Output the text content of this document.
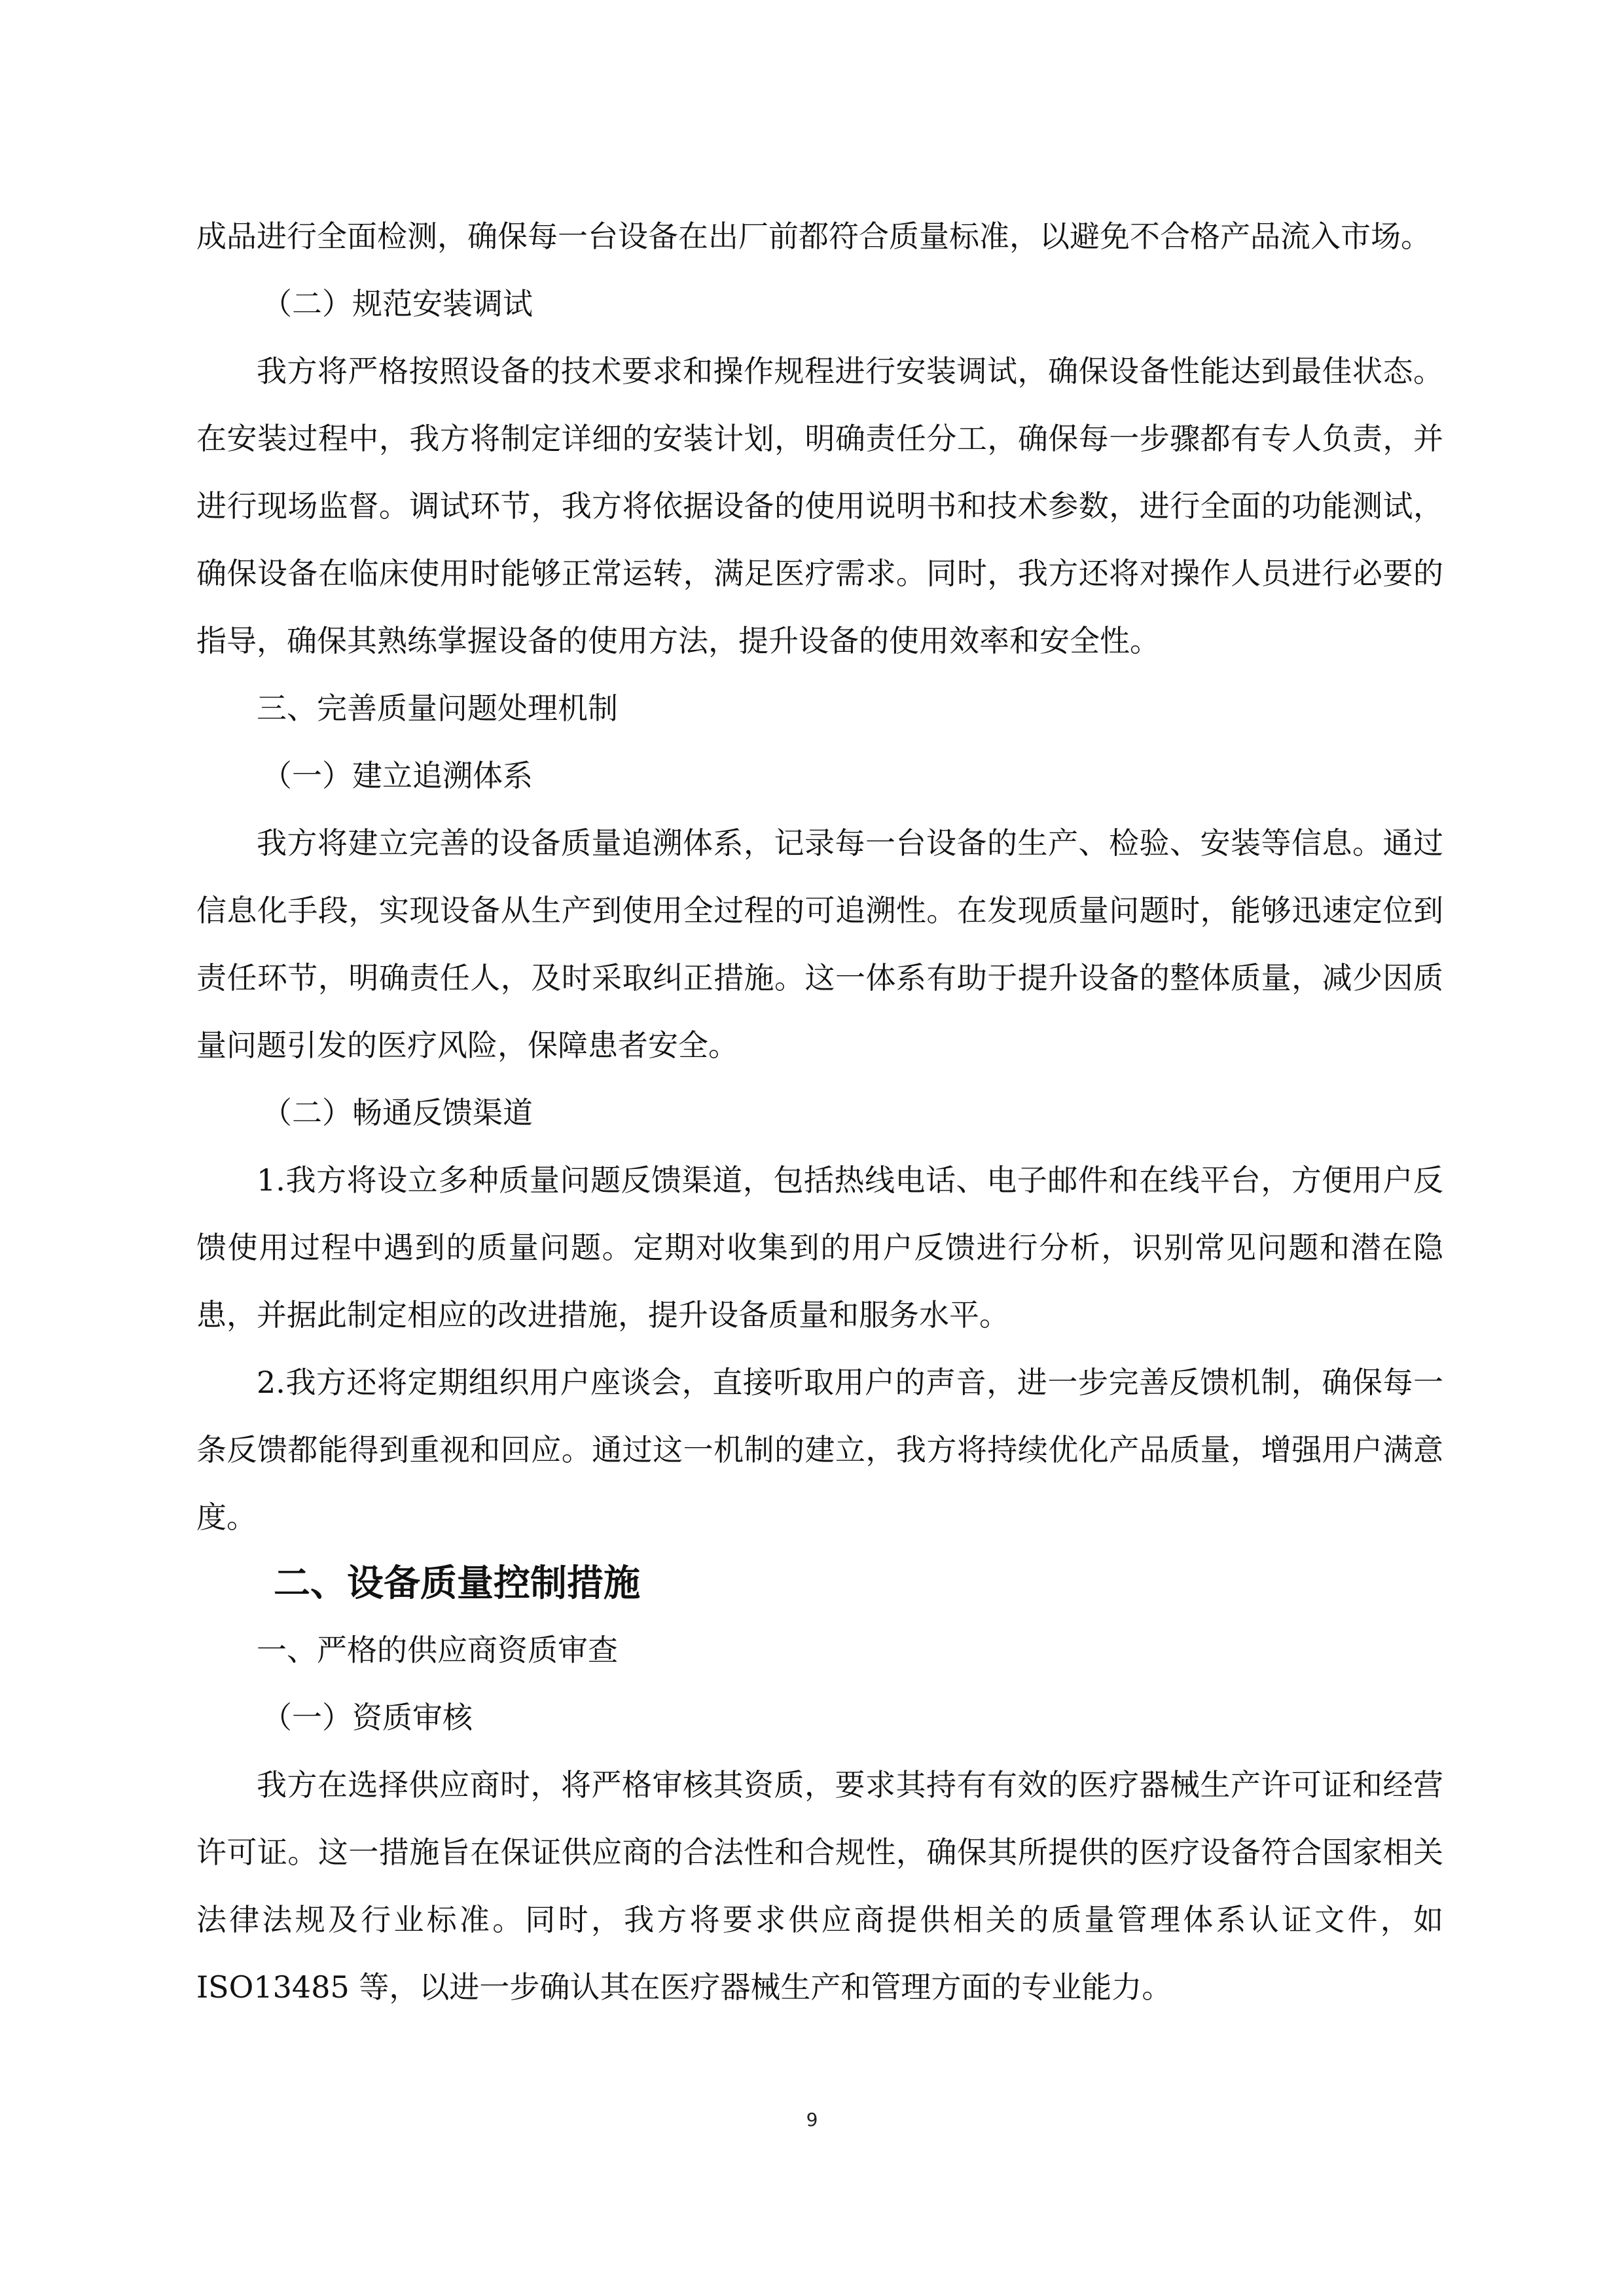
成品进行全面检测，确保每一台设备在出厂前都符合质量标准，以避免不合格产品流入市场。

（二）规范安装调试

我方将严格按照设备的技术要求和操作规程进行安装调试，确保设备性能达到最佳状态。在安装过程中，我方将制定详细的安装计划，明确责任分工，确保每一步骤都有专人负责，并进行现场监督。调试环节，我方将依据设备的使用说明书和技术参数，进行全面的功能测试，确保设备在临床使用时能够正常运转，满足医疗需求。同时，我方还将对操作人员进行必要的指导，确保其熟练掌握设备的使用方法，提升设备的使用效率和安全性。

三、完善质量问题处理机制

（一）建立追溯体系

我方将建立完善的设备质量追溯体系，记录每一台设备的生产、检验、安装等信息。通过信息化手段，实现设备从生产到使用全过程的可追溯性。在发现质量问题时，能够迅速定位到责任环节，明确责任人，及时采取纠正措施。这一体系有助于提升设备的整体质量，减少因质量问题引发的医疗风险，保障患者安全。

（二）畅通反馈渠道

1.我方将设立多种质量问题反馈渠道，包括热线电话、电子邮件和在线平台，方便用户反馈使用过程中遇到的质量问题。定期对收集到的用户反馈进行分析，识别常见问题和潜在隐患，并据此制定相应的改进措施，提升设备质量和服务水平。

2.我方还将定期组织用户座谈会，直接听取用户的声音，进一步完善反馈机制，确保每一条反馈都能得到重视和回应。通过这一机制的建立，我方将持续优化产品质量，增强用户满意度。

二、设备质量控制措施

一、严格的供应商资质审查

（一）资质审核

我方在选择供应商时，将严格审核其资质，要求其持有有效的医疗器械生产许可证和经营许可证。这一措施旨在保证供应商的合法性和合规性，确保其所提供的医疗设备符合国家相关法律法规及行业标准。同时，我方将要求供应商提供相关的质量管理体系认证文件，如 ISO13485 等，以进一步确认其在医疗器械生产和管理方面的专业能力。

9
